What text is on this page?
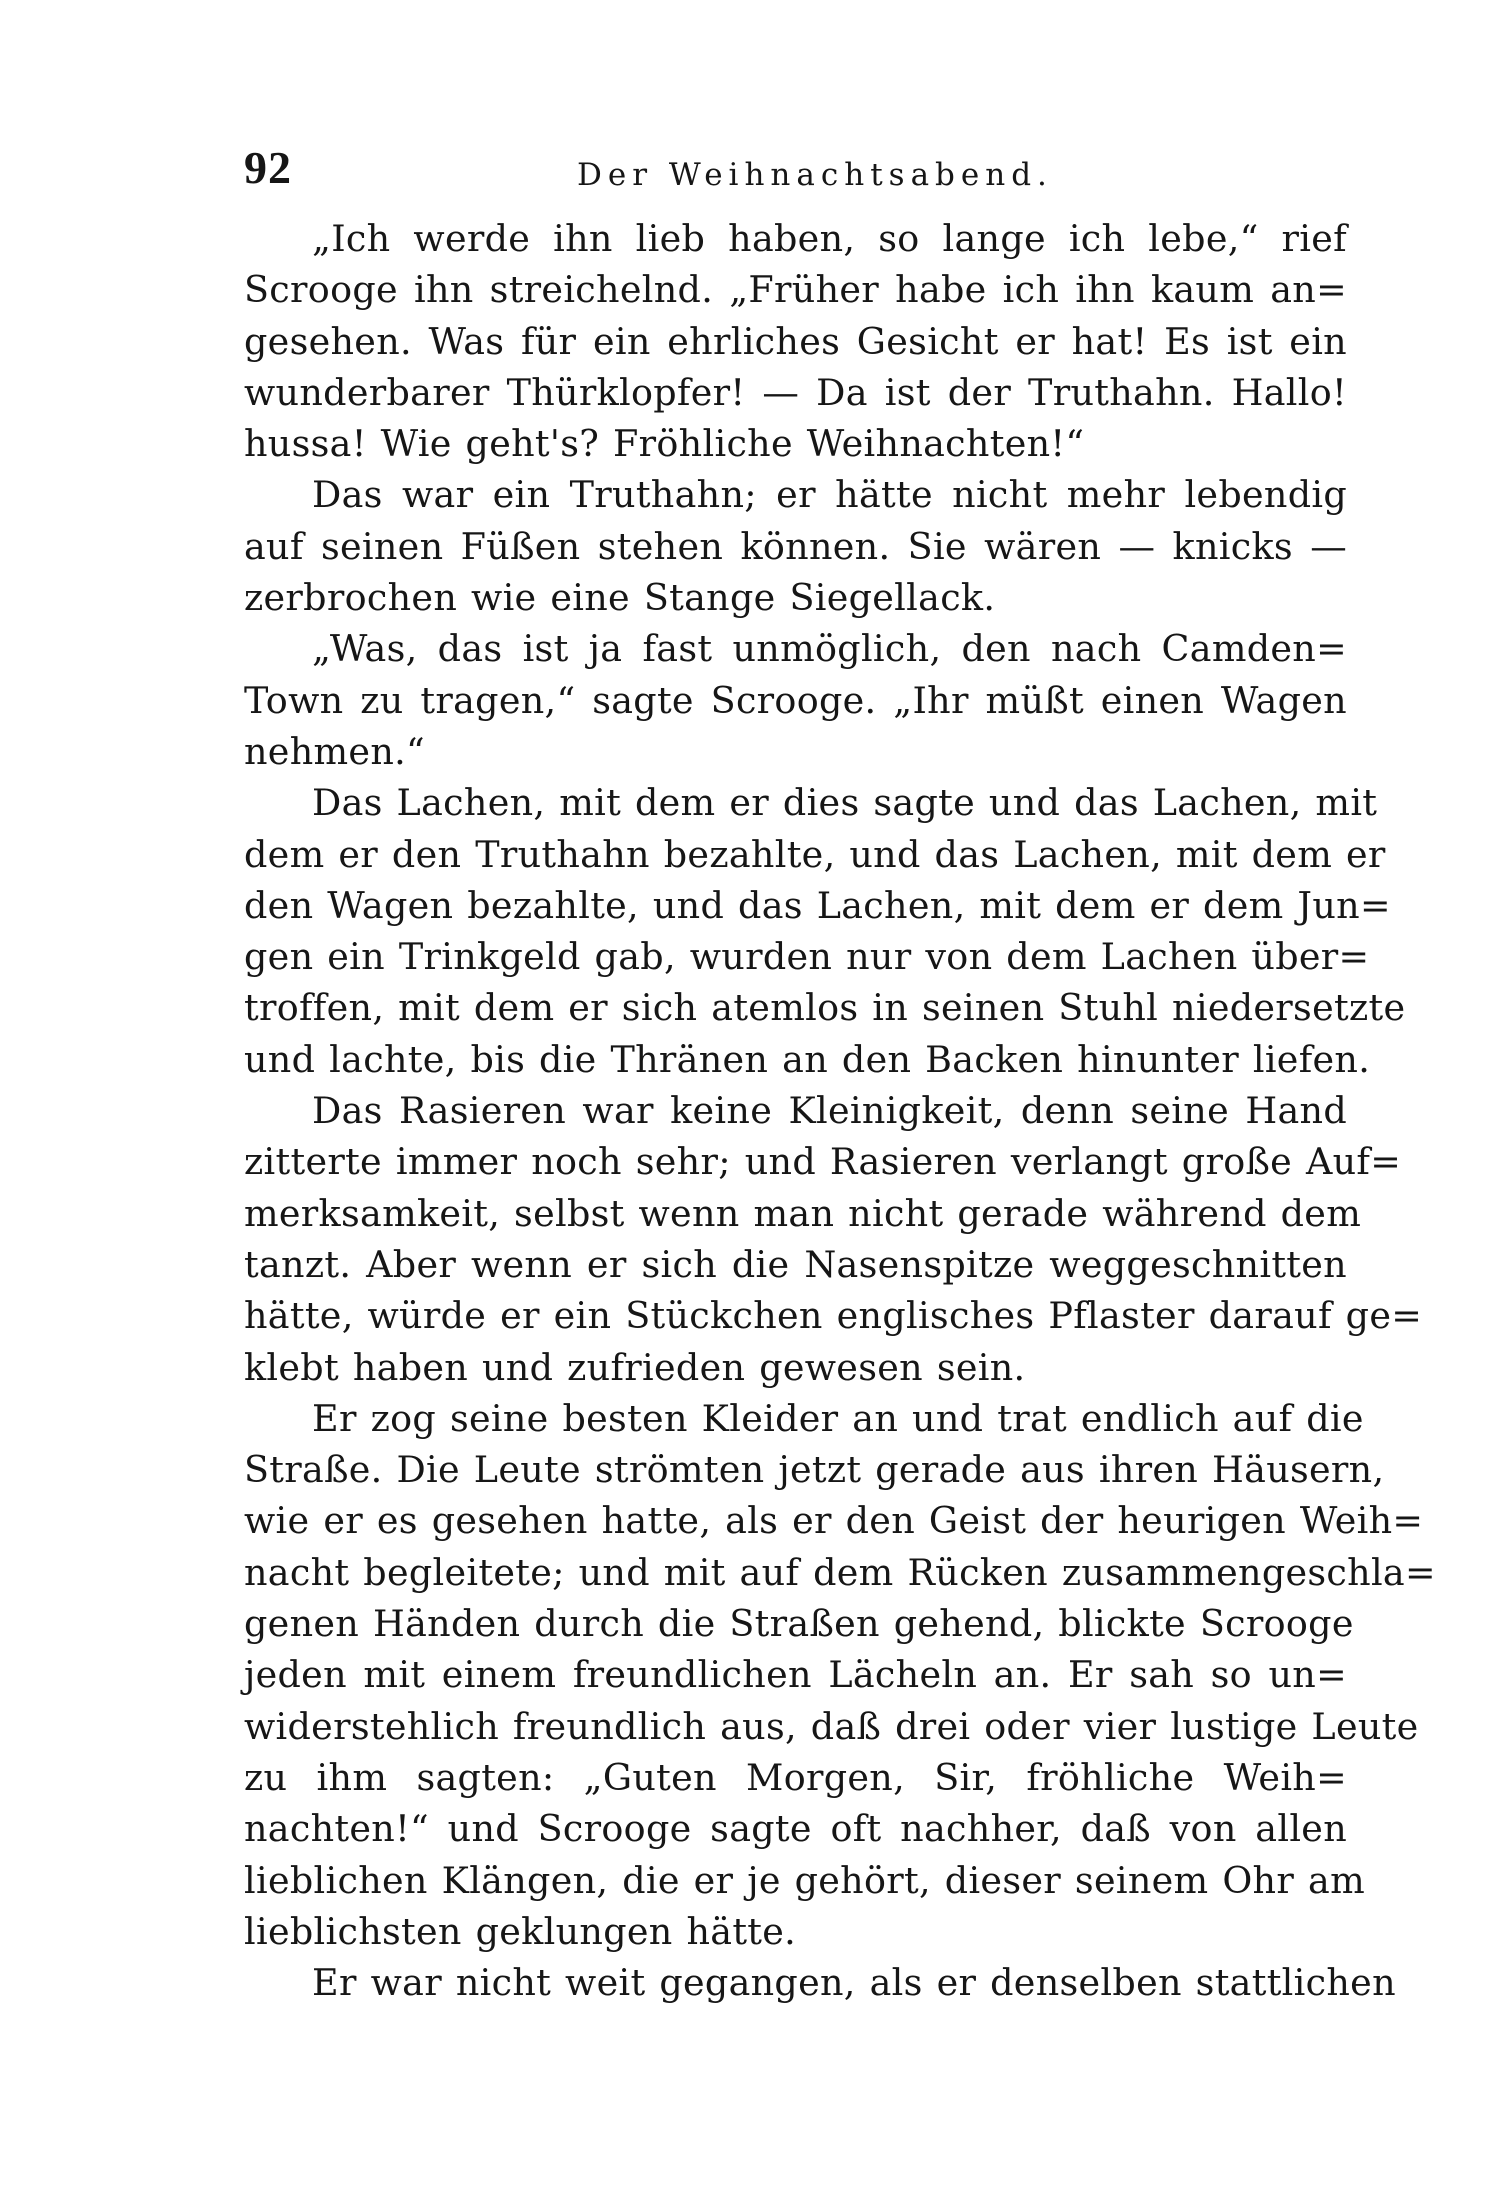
92	Der Weihnachtsabend.
„Ich werde ihn lieb haben, so lange ich lebe,“ rief
Scrooge ihn streichelnd. „Früher habe ich ihn kaum an=
gesehen. Was für ein ehrliches Gesicht er hat! Es ist ein
wunderbarer Thürklopfer! — Da ist der Truthahn. Hallo!
hussa! Wie geht's? Fröhliche Weihnachten!“
Das war ein Truthahn; er hätte nicht mehr lebendig
auf seinen Füßen stehen können. Sie wären — knicks —
zerbrochen wie eine Stange Siegellack.
„Was, das ist ja fast unmöglich, den nach Camden=
Town zu tragen,“ sagte Scrooge. „Ihr müßt einen Wagen
nehmen.“
Das Lachen, mit dem er dies sagte und das Lachen, mit
dem er den Truthahn bezahlte, und das Lachen, mit dem er
den Wagen bezahlte, und das Lachen, mit dem er dem Jun=
gen ein Trinkgeld gab, wurden nur von dem Lachen über=
troffen, mit dem er sich atemlos in seinen Stuhl niedersetzte
und lachte, bis die Thränen an den Backen hinunter liefen.
Das Rasieren war keine Kleinigkeit, denn seine Hand
zitterte immer noch sehr; und Rasieren verlangt große Auf=
merksamkeit, selbst wenn man nicht gerade während dem
tanzt. Aber wenn er sich die Nasenspitze weggeschnitten
hätte, würde er ein Stückchen englisches Pflaster darauf ge=
klebt haben und zufrieden gewesen sein.
Er zog seine besten Kleider an und trat endlich auf die
Straße. Die Leute strömten jetzt gerade aus ihren Häusern,
wie er es gesehen hatte, als er den Geist der heurigen Weih=
nacht begleitete; und mit auf dem Rücken zusammengeschla=
genen Händen durch die Straßen gehend, blickte Scrooge
jeden mit einem freundlichen Lächeln an. Er sah so un=
widerstehlich freundlich aus, daß drei oder vier lustige Leute
zu ihm sagten: „Guten Morgen, Sir, fröhliche Weih=
nachten!“ und Scrooge sagte oft nachher, daß von allen
lieblichen Klängen, die er je gehört, dieser seinem Ohr am
lieblichsten geklungen hätte.
Er war nicht weit gegangen, als er denselben stattlichen
